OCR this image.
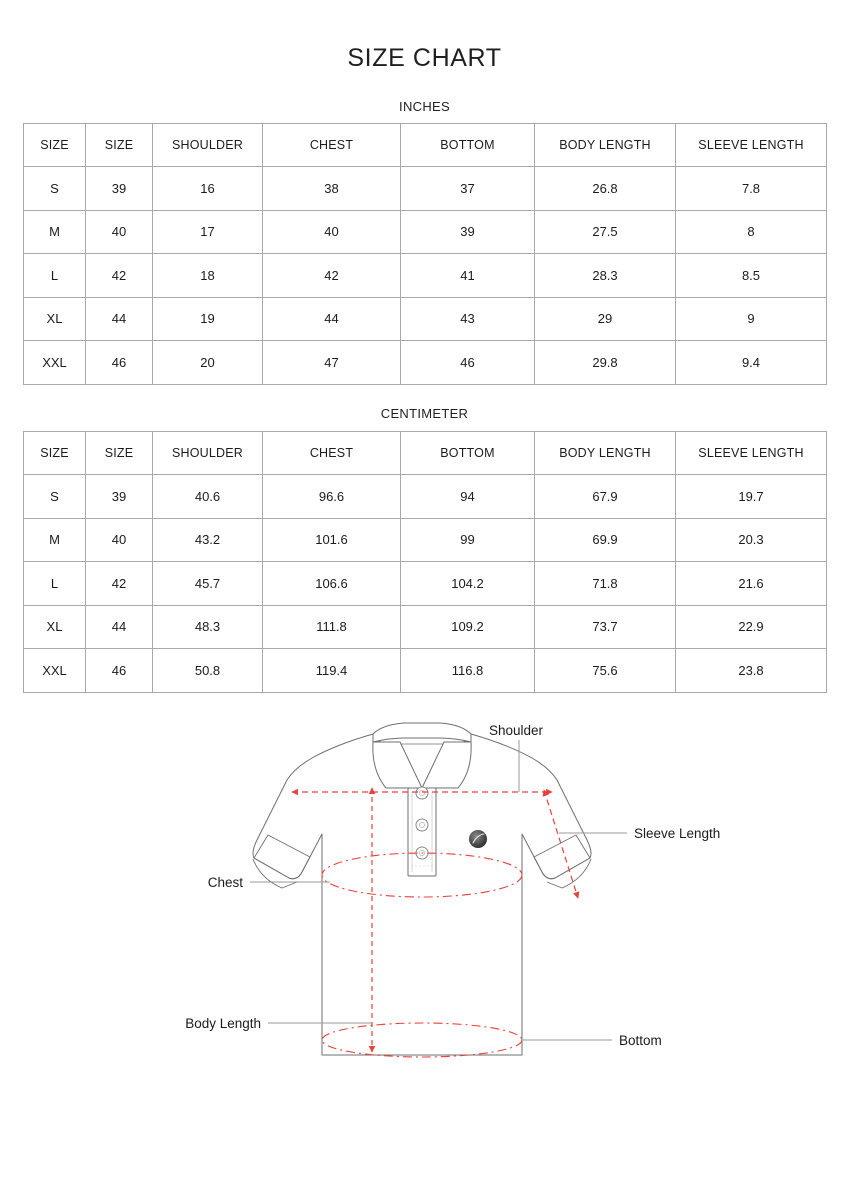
SIZE CHART
INCHES
SIZE	SIZE	SHOULDER	CHEST	BOTTOM	BODY LENGTH	SLEEVE LENGTH
S	39	16	38	37	26.8	7.8
M	40	17	40	39	27.5	8
L	42	18	42	41	28.3	8.5
XL	44	19	44	43	29	9
XXL	46	20	47	46	29.8	9.4
CENTIMETER
SIZE	SIZE	SHOULDER	CHEST	BOTTOM	BODY LENGTH	SLEEVE LENGTH
S	39	40.6	96.6	94	67.9	19.7
M	40	43.2	101.6	99	69.9	20.3
L	42	45.7	106.6	104.2	71.8	21.6
XL	44	48.3	111.8	109.2	73.7	22.9
XXL	46	50.8	119.4	116.8	75.6	23.8
Shoulder
Sleeve Length
Chest
Body Length
Bottom
